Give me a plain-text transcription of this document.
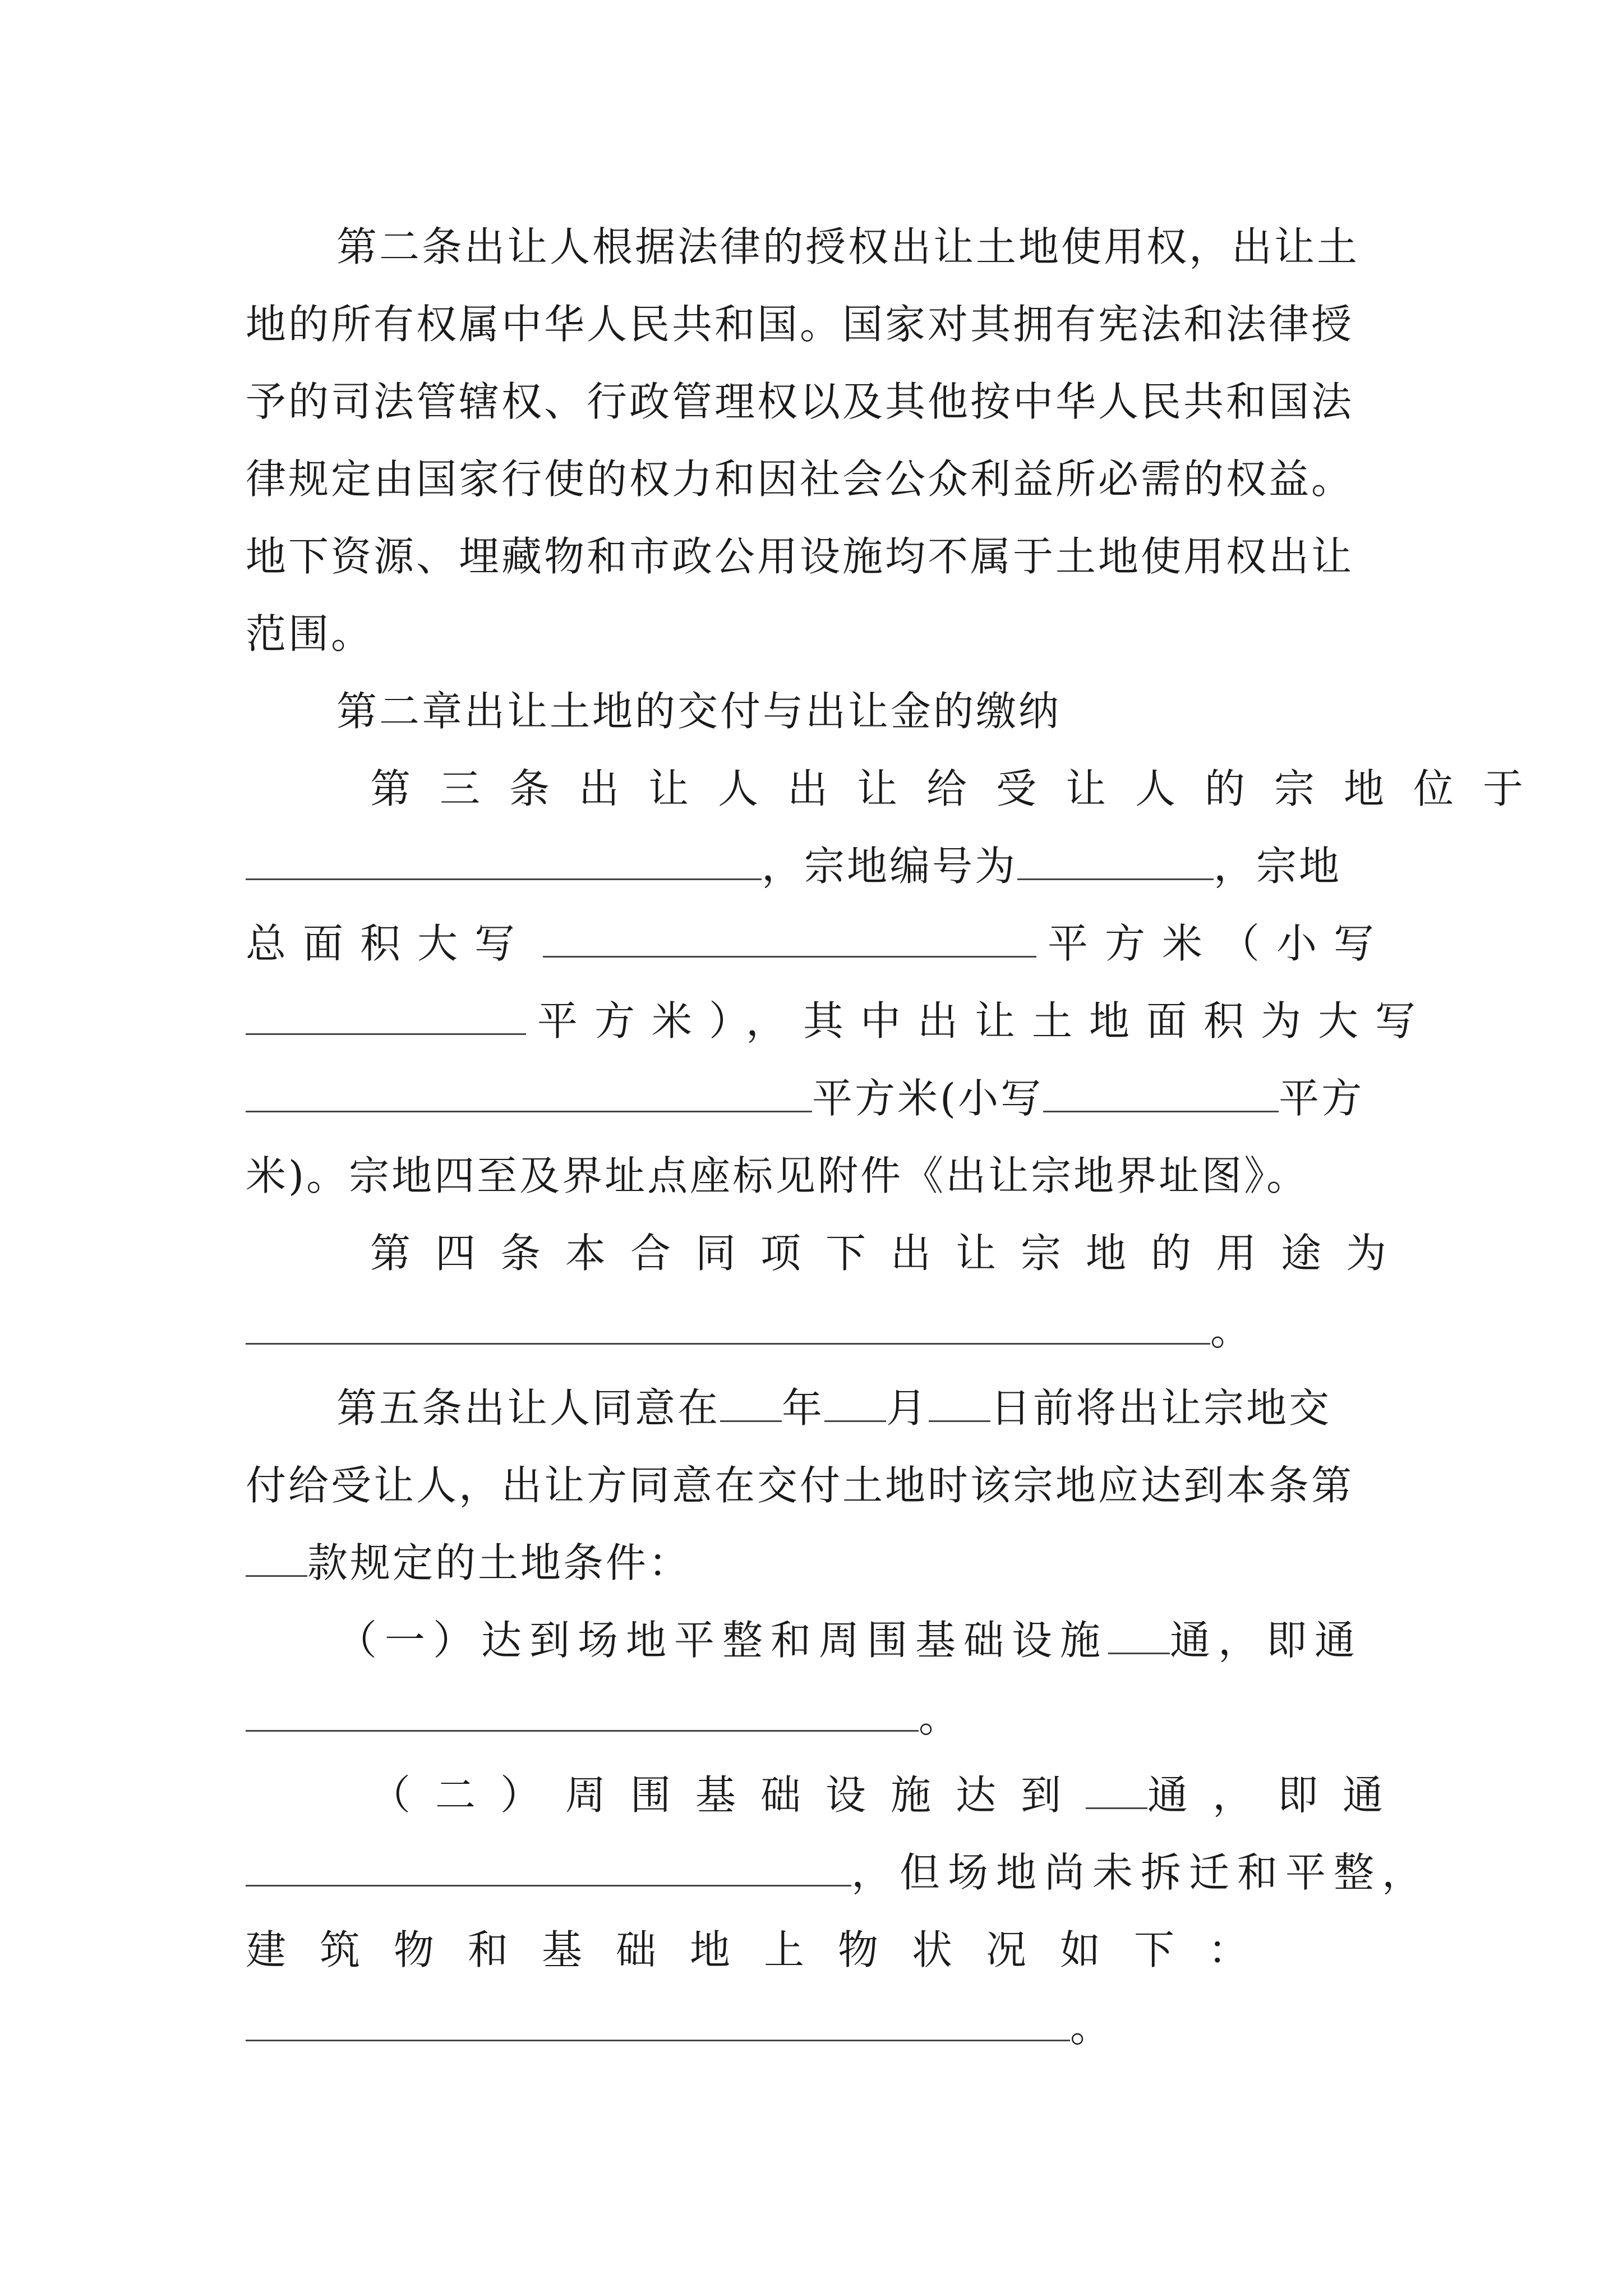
第二条出让人根据法律的授权出让土地使用权，出让土
地的所有权属中华人民共和国。国家对其拥有宪法和法律授
予的司法管辖权、行政管理权以及其他按中华人民共和国法
律规定由国家行使的权力和因社会公众利益所必需的权益。
地下资源、埋藏物和市政公用设施均不属于土地使用权出让
范围。
第二章出让土地的交付与出让金的缴纳
第三条出让人出让给受让人的宗地位于
，宗地编号为	，宗地
总面积大写	平方米（小写
平方米），其中出让土地面积为大写
平方米(小写	平方
米)。宗地四至及界址点座标见附件《出让宗地界址图》。
第四条本合同项下出让宗地的用途为
。
第五条出让人同意在 年 月 日前将出让宗地交
付给受让人，出让方同意在交付土地时该宗地应达到本条第
款规定的土地条件：
（一）达到场地平整和周围基础设施 通，即通
。
（二）周围基础设施达到 通，即通
，但场地尚未拆迁和平整，
建筑物和基础地上物状况如下：
。
